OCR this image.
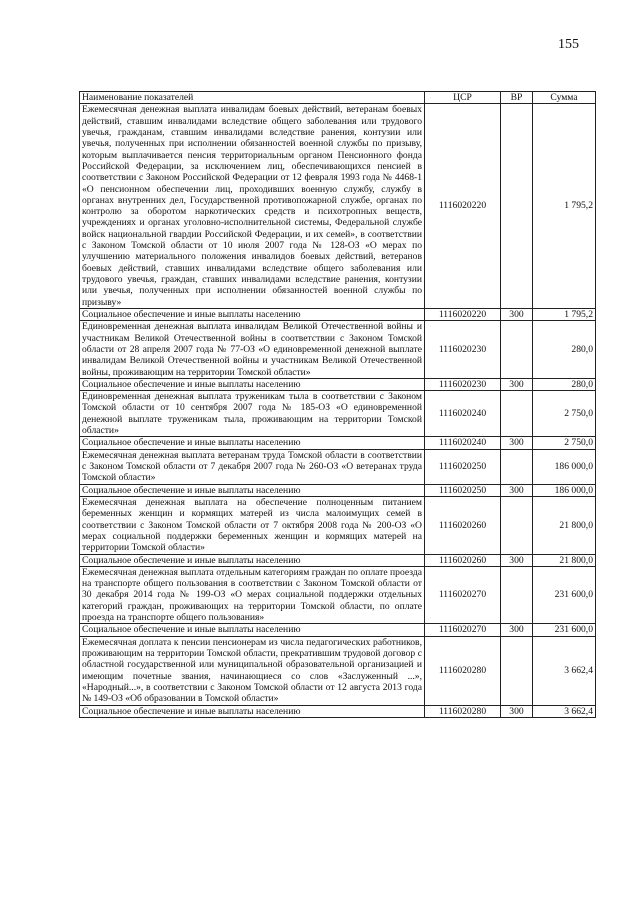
155
Наименование показателей	ЦСР	ВР	Сумма
Ежемесячная денежная выплата инвалидам боевых действий, ветеранам боевых действий, ставшим инвалидами вследствие общего заболевания или трудового увечья, гражданам, ставшим инвалидами вследствие ранения, контузии или увечья, полученных при исполнении обязанностей военной службы по призыву, которым выплачивается пенсия территориальным органом Пенсионного фонда Российской Федерации, за исключением лиц, обеспечивающихся пенсией в соответствии с Законом Российской Федерации от 12 февраля 1993 года № 4468-1 «О пенсионном обеспечении лиц, проходивших военную службу, службу в органах внутренних дел, Государственной противопожарной службе, органах по контролю за оборотом наркотических средств и психотропных веществ, учреждениях и органах уголовно-исполнительной системы, Федеральной службе войск национальной гвардии Российской Федерации, и их семей», в соответствии с Законом Томской области от 10 июля 2007 года № 128-ОЗ «О мерах по улучшению материального положения инвалидов боевых действий, ветеранов боевых действий, ставших инвалидами вследствие общего заболевания или трудового увечья, граждан, ставших инвалидами вследствие ранения, контузии или увечья, полученных при исполнении обязанностей военной службы по призыву»	1116020220		1 795,2
Социальное обеспечение и иные выплаты населению	1116020220	300	1 795,2
Единовременная денежная выплата инвалидам Великой Отечественной войны и участникам Великой Отечественной войны в соответствии с Законом Томской области от 28 апреля 2007 года № 77-ОЗ «О единовременной денежной выплате инвалидам Великой Отечественной войны и участникам Великой Отечественной войны, проживающим на территории Томской области»	1116020230		280,0
Социальное обеспечение и иные выплаты населению	1116020230	300	280,0
Единовременная денежная выплата труженикам тыла в соответствии с Законом Томской области от 10 сентября 2007 года № 185-ОЗ «О единовременной денежной выплате труженикам тыла, проживающим на территории Томской области»	1116020240		2 750,0
Социальное обеспечение и иные выплаты населению	1116020240	300	2 750,0
Ежемесячная денежная выплата ветеранам труда Томской области в соответствии с Законом Томской области от 7 декабря 2007 года № 260-ОЗ «О ветеранах труда Томской области»	1116020250		186 000,0
Социальное обеспечение и иные выплаты населению	1116020250	300	186 000,0
Ежемесячная денежная выплата на обеспечение полноценным питанием беременных женщин и кормящих матерей из числа малоимущих семей в соответствии с Законом Томской области от 7 октября 2008 года № 200-ОЗ «О мерах социальной поддержки беременных женщин и кормящих матерей на территории Томской области»	1116020260		21 800,0
Социальное обеспечение и иные выплаты населению	1116020260	300	21 800,0
Ежемесячная денежная выплата отдельным категориям граждан по оплате проезда на транспорте общего пользования в соответствии с Законом Томской области от 30 декабря 2014 года № 199-ОЗ «О мерах социальной поддержки отдельных категорий граждан, проживающих на территории Томской области, по оплате проезда на транспорте общего пользования»	1116020270		231 600,0
Социальное обеспечение и иные выплаты населению	1116020270	300	231 600,0
Ежемесячная доплата к пенсии пенсионерам из числа педагогических работников, проживающим на территории Томской области, прекратившим трудовой договор с областной государственной или муниципальной образовательной организацией и имеющим почетные звания, начинающиеся со слов «Заслуженный ...», «Народный...», в соответствии с Законом Томской области от 12 августа 2013 года № 149-ОЗ «Об образовании в Томской области»	1116020280		3 662,4
Социальное обеспечение и иные выплаты населению	1116020280	300	3 662,4
